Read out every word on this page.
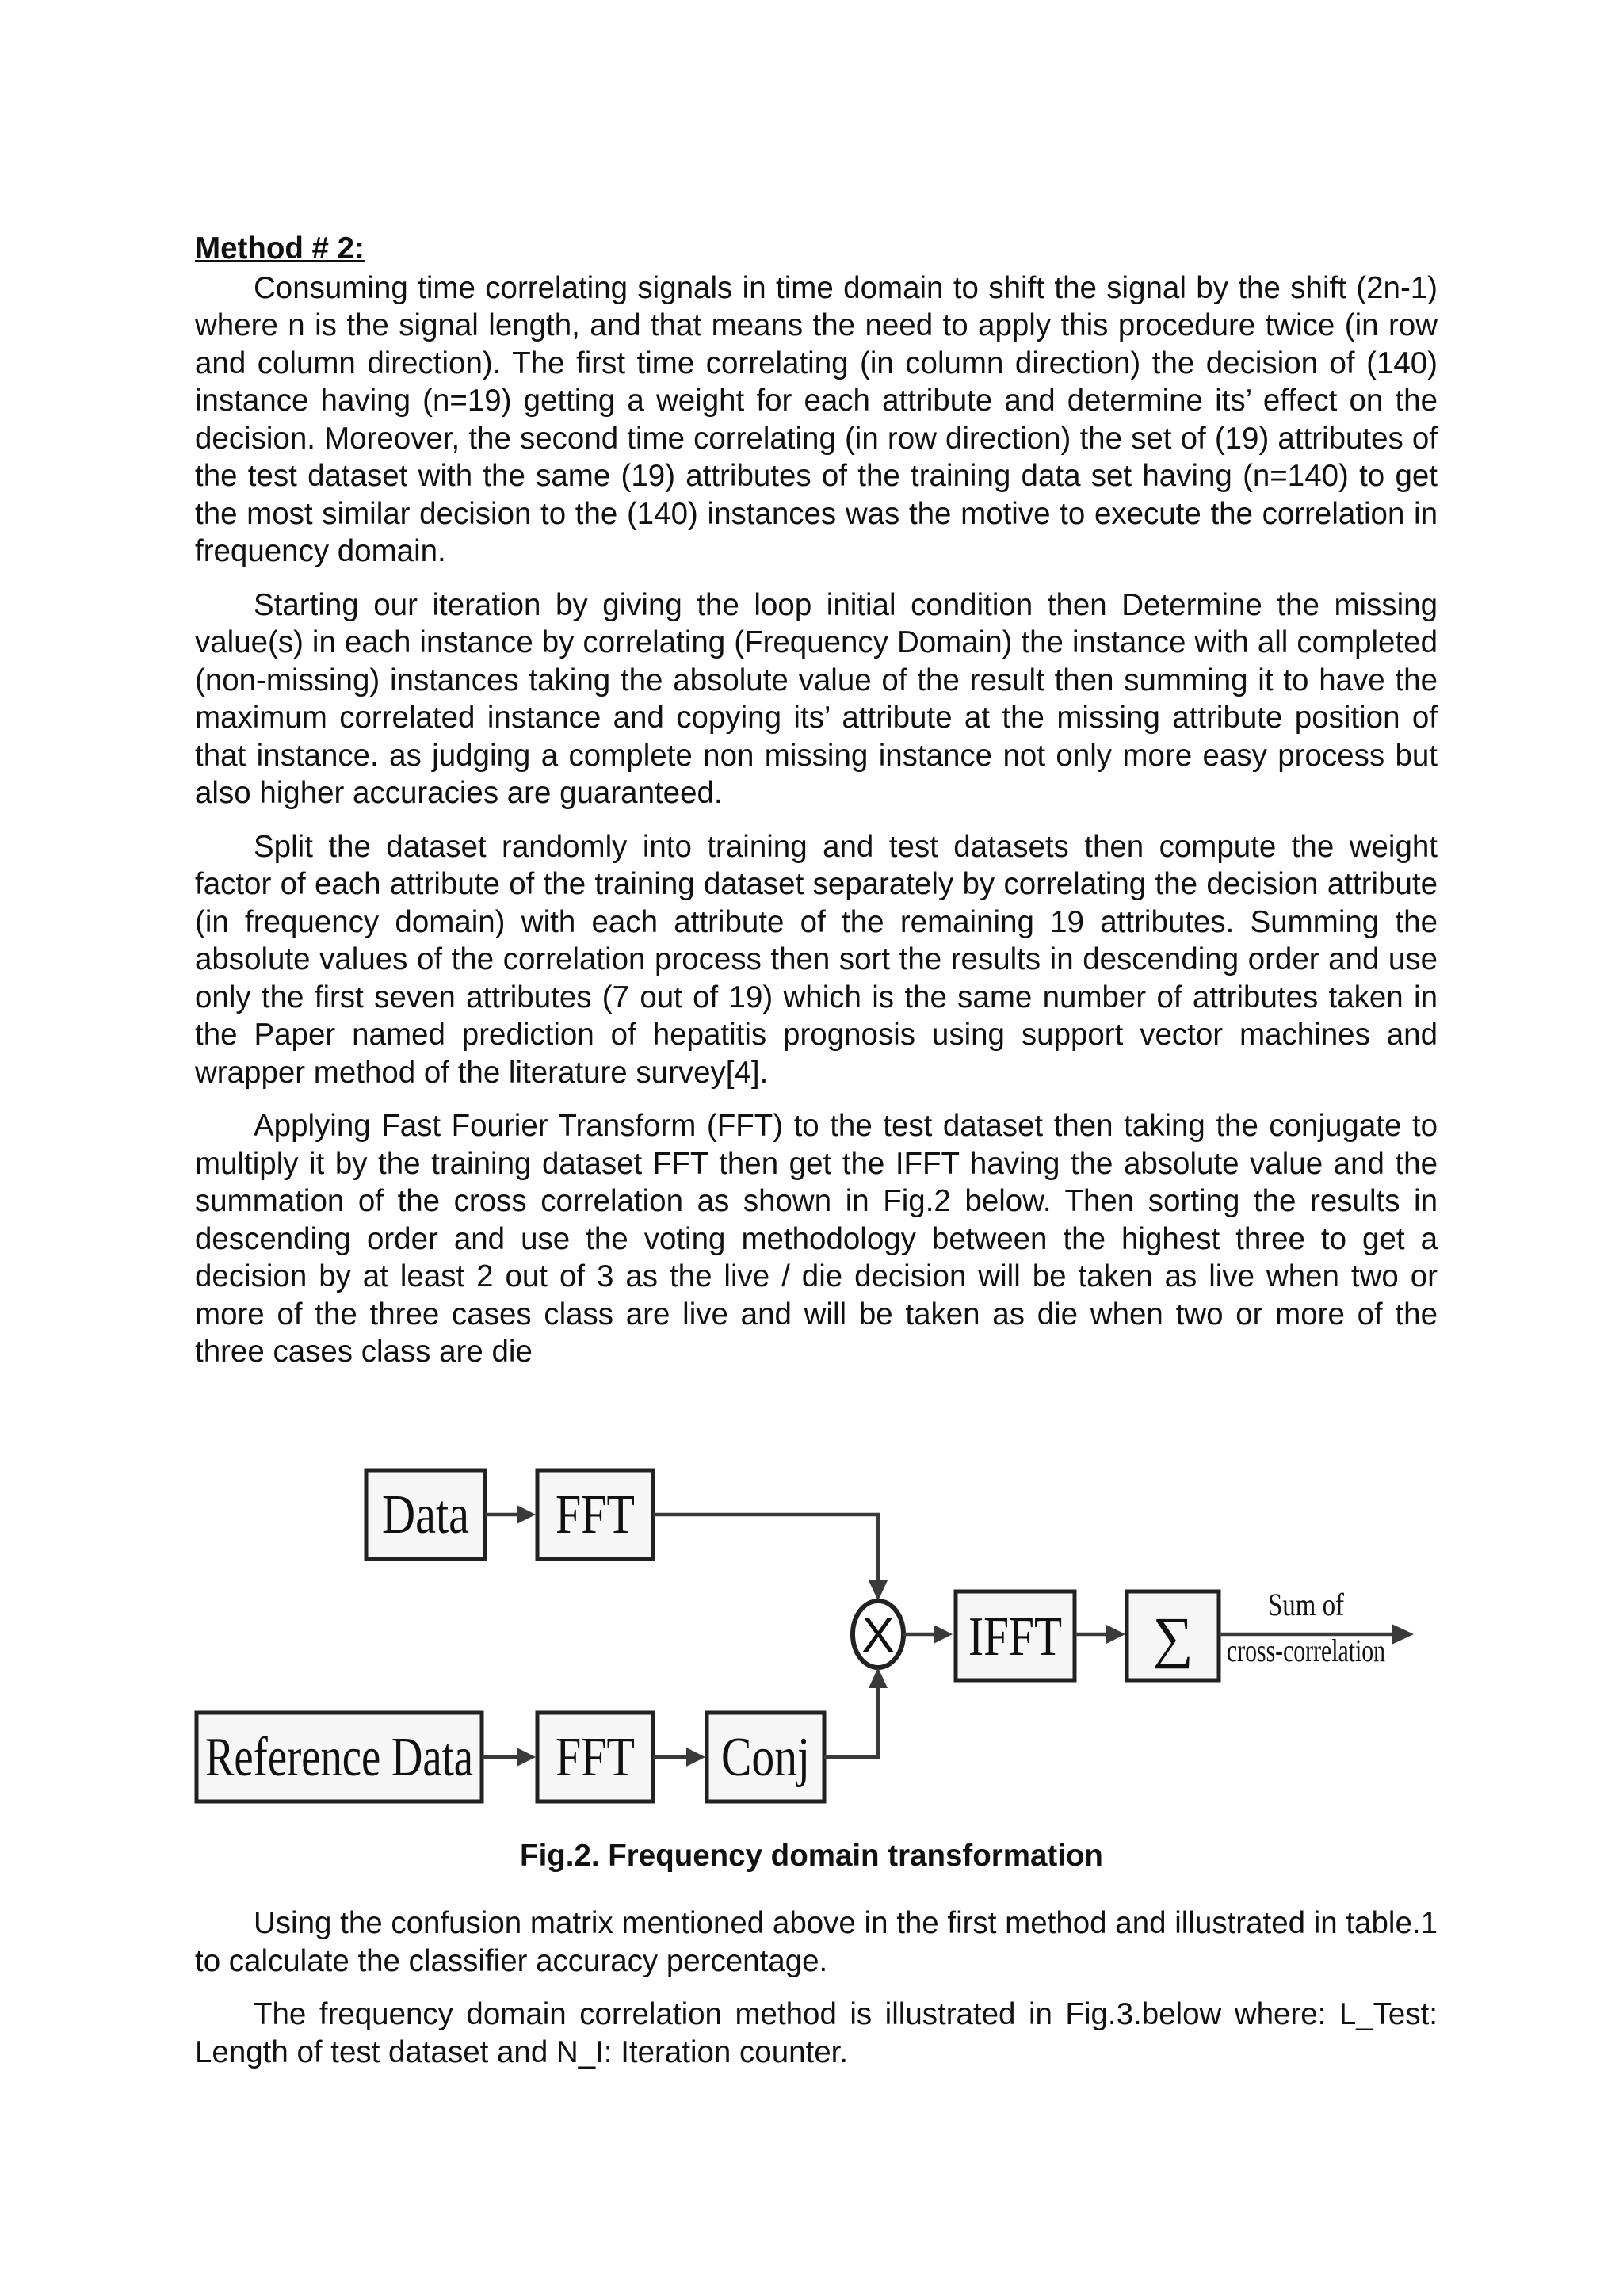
Method # 2:

Consuming time correlating signals in time domain to shift the signal by the shift (2n-1) where n is the signal length, and that means the need to apply this procedure twice (in row and column direction). The first time correlating (in column direction) the decision of (140) instance having (n=19) getting a weight for each attribute and determine its’ effect on the decision. Moreover, the second time correlating (in row direction) the set of (19) attributes of the test dataset with the same (19) attributes of the training data set having (n=140) to get the most similar decision to the (140) instances was the motive to execute the correlation in frequency domain.

Starting our iteration by giving the loop initial condition then Determine the missing value(s) in each instance by correlating (Frequency Domain) the instance with all completed (non-missing) instances taking the absolute value of the result then summing it to have the maximum correlated instance and copying its’ attribute at the missing attribute position of that instance. as judging a complete non missing instance not only more easy process but also higher accuracies are guaranteed.

Split the dataset randomly into training and test datasets then compute the weight factor of each attribute of the training dataset separately by correlating the decision attribute (in frequency domain) with each attribute of the remaining 19 attributes. Summing the absolute values of the correlation process then sort the results in descending order and use only the first seven attributes (7 out of 19) which is the same number of attributes taken in the Paper named prediction of hepatitis prognosis using support vector machines and wrapper method of the literature survey[4].

Applying Fast Fourier Transform (FFT) to the test dataset then taking the conjugate to multiply it by the training dataset FFT then get the IFFT having the absolute value and the summation of the cross correlation as shown in Fig.2 below. Then sorting the results in descending order and use the voting methodology between the highest three to get a decision by at least 2 out of 3 as the live / die decision will be taken as live when two or more of the three cases class are live and will be taken as die when two or more of the three cases class are die

Data FFT
X IFFT ∑
Sum of
cross-correlation
Reference Data FFT Conj
Fig.2. Frequency domain transformation

Using the confusion matrix mentioned above in the first method and illustrated in table.1 to calculate the classifier accuracy percentage.

The frequency domain correlation method is illustrated in Fig.3.below where: L_Test: Length of test dataset and N_I: Iteration counter.
